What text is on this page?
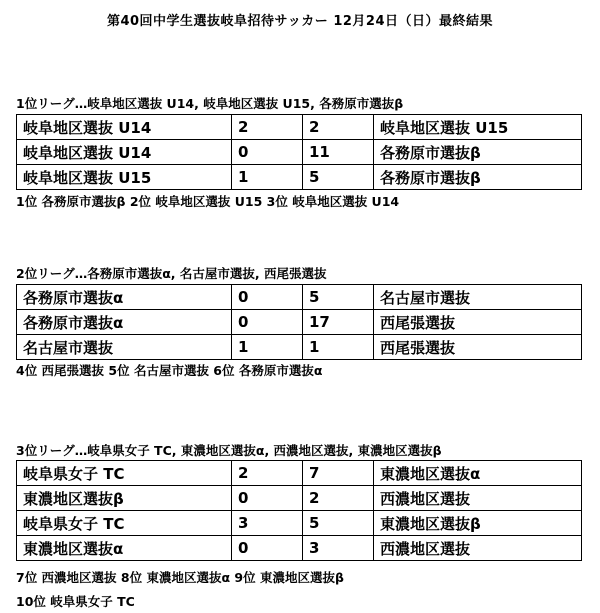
第40回中学生選抜岐阜招待サッカー 12月24日（日）最終結果
1位リーグ…岐阜地区選抜 U14, 岐阜地区選抜 U15, 各務原市選抜β
岐阜地区選抜 U14	2	2	岐阜地区選抜 U15
岐阜地区選抜 U14	0	11	各務原市選抜β
岐阜地区選抜 U15	1	5	各務原市選抜β
1位 各務原市選抜β 2位 岐阜地区選抜 U15 3位 岐阜地区選抜 U14
2位リーグ…各務原市選抜α, 名古屋市選抜, 西尾張選抜
各務原市選抜α	0	5	名古屋市選抜
各務原市選抜α	0	17	西尾張選抜
名古屋市選抜	1	1	西尾張選抜
4位 西尾張選抜 5位 名古屋市選抜 6位 各務原市選抜α
3位リーグ…岐阜県女子 TC, 東濃地区選抜α, 西濃地区選抜, 東濃地区選抜β
岐阜県女子 TC	2	7	東濃地区選抜α
東濃地区選抜β	0	2	西濃地区選抜
岐阜県女子 TC	3	5	東濃地区選抜β
東濃地区選抜α	0	3	西濃地区選抜
7位 西濃地区選抜 8位 東濃地区選抜α 9位 東濃地区選抜β
10位 岐阜県女子 TC
